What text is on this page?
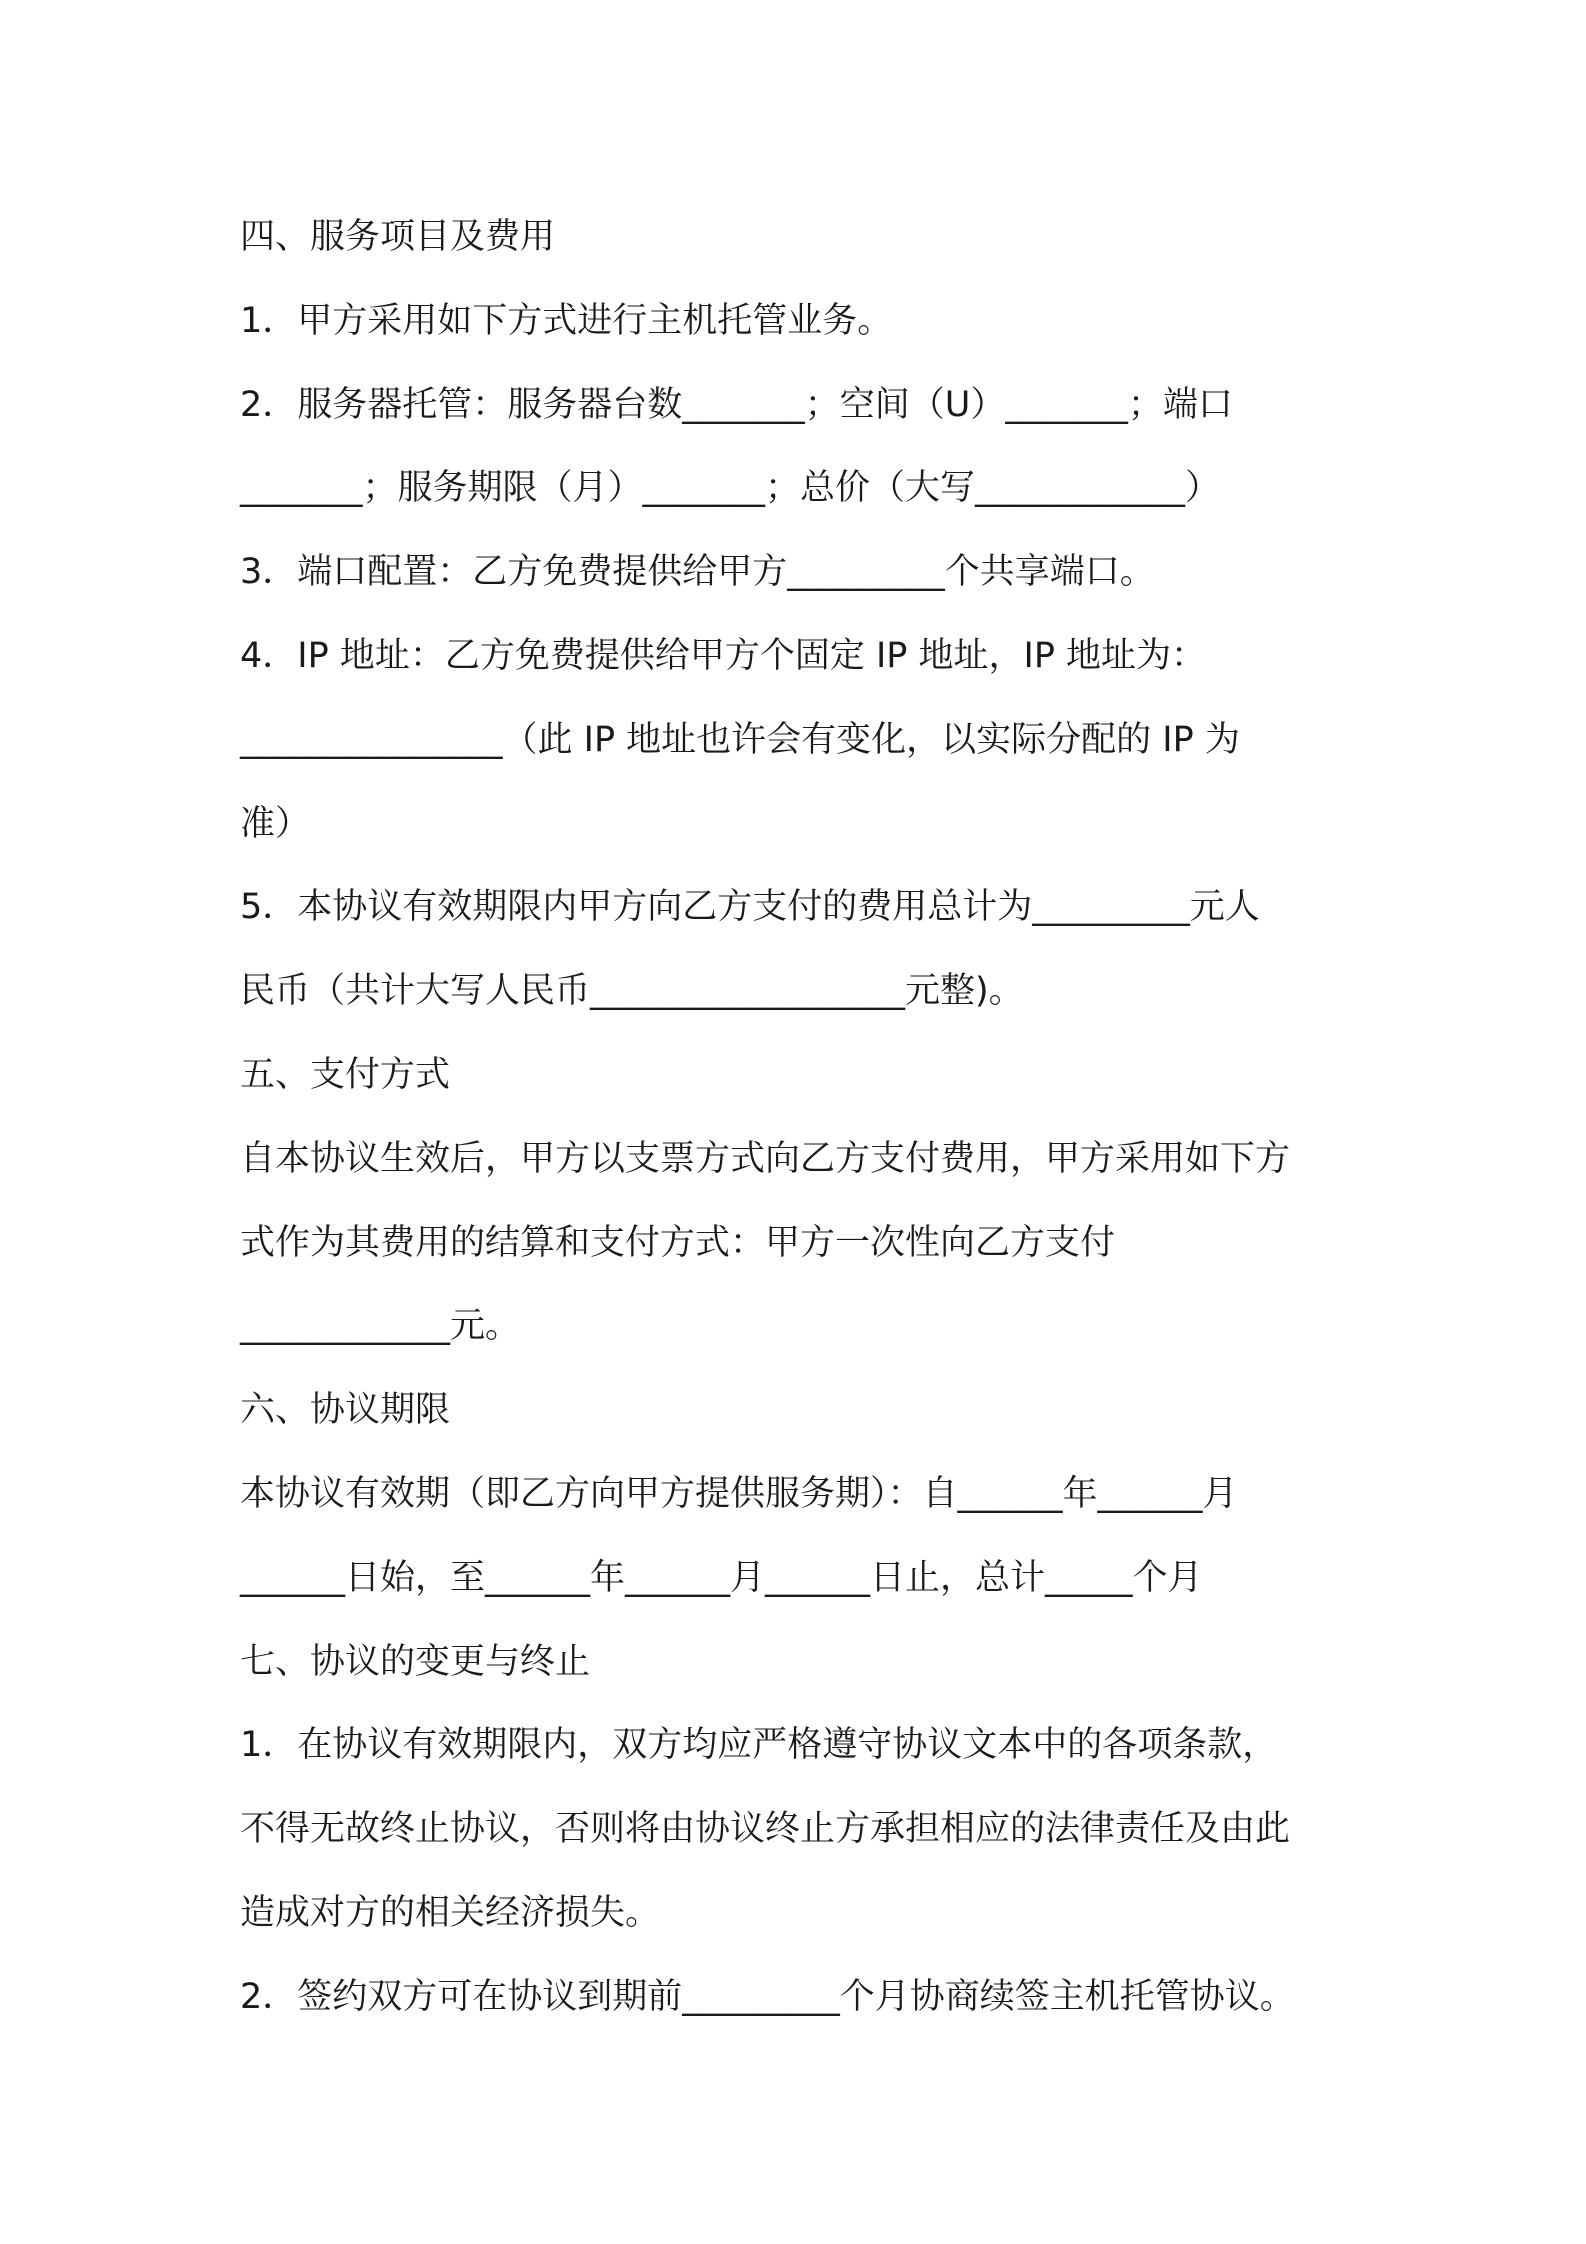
四、服务项目及费用
1．甲方采用如下方式进行主机托管业务。
2．服务器托管：服务器台数_______；空间（U）_______；端口
_______；服务期限（月）_______；总价（大写____________）
3．端口配置：乙方免费提供给甲方_________个共享端口。
4．IP 地址：乙方免费提供给甲方个固定 IP 地址，IP 地址为：
_______________（此 IP 地址也许会有变化，以实际分配的 IP 为
准）
5．本协议有效期限内甲方向乙方支付的费用总计为_________元人
民币（共计大写人民币__________________元整)。
五、支付方式
自本协议生效后，甲方以支票方式向乙方支付费用，甲方采用如下方
式作为其费用的结算和支付方式：甲方一次性向乙方支付
____________元。
六、协议期限
本协议有效期（即乙方向甲方提供服务期）：自______年______月
______日始，至______年______月______日止，总计_____个月
七、协议的变更与终止
1．在协议有效期限内，双方均应严格遵守协议文本中的各项条款，
不得无故终止协议，否则将由协议终止方承担相应的法律责任及由此
造成对方的相关经济损失。
2．签约双方可在协议到期前_________个月协商续签主机托管协议。
